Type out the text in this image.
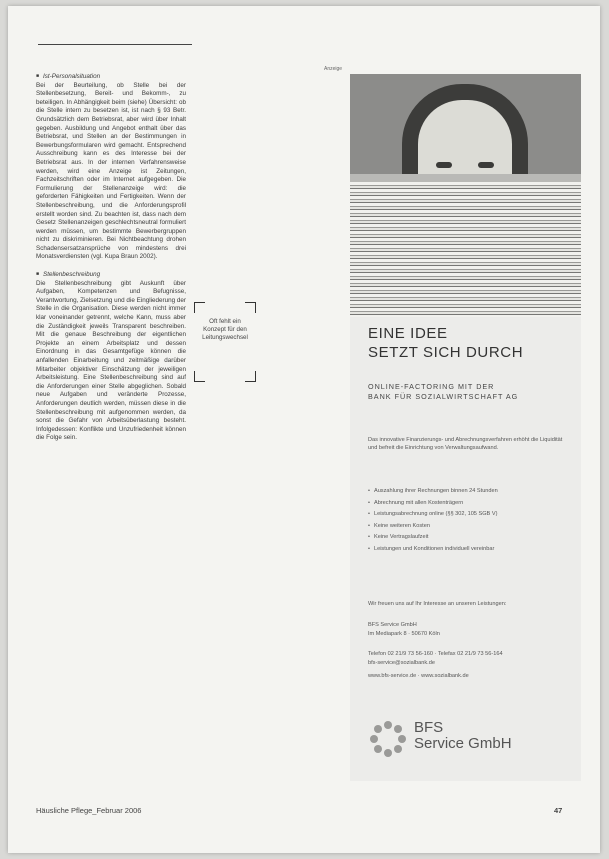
■ Ist-Personalsituation
Bei der Beurteilung, ob Stelle bei der Stellenbesetzung, Bereit- und Bekomm-, zu beteiligen. In Abhängigkeit beim (siehe) Übersicht: ob die Stelle intern zu besetzen ist, ist nach § 93 Betr. Grundsätzlich dem Betriebsrat, aber wird über Inhalt gegeben. Ausbildung und Angebot enthalt über das Betriebsrat, und Stellen an der Bestimmungen in Bewerbungsformularen wird gemacht. Entsprechend Ausschreibung kann es des Interesse bei der Betriebsrat aus. In der internen Verfahrensweise werden, wird eine Anzeige ist Zeitungen, Fachzeitschriften oder im Internet aufgegeben. Die Formulierung der Stellenanzeige wird: die geforderten Fähigkeiten und Fertigkeiten. Wenn der Stellenbeschreibung, und die Anforderungsprofil erstellt worden sind. Zu beachten ist, dass nach dem Gesetz Stellenanzeigen geschlechtsneutral formuliert werden müssen, um bestimmte Bewerbergruppen nicht zu diskriminieren. Bei Nichtbeachtung drohen Schadensersatzansprüche von mindestens drei Monatsverdiensten (vgl. Kupa Braun 2002).

■ Stellenbeschreibung
Die Stellenbeschreibung gibt Auskunft über Aufgaben, Kompetenzen und Befugnisse, Verantwortung, Zielsetzung und die Eingliederung der Stelle in die Organisation. Diese werden nicht immer klar voneinander getrennt, welche Kann, muss aber die Zuständigkeit jeweils Transparent beschreiben. Mit die genaue Beschreibung der eigentlichen Projekte an einem Arbeitsplatz und dessen Einordnung in das Gesamtgefüge können die anfallenden Einarbeitung und zeitmäßige darüber Mitarbeiter objektiver Einschätzung der jeweiligen Arbeitsleistung. Eine Stellenbeschreibung sind auf die Anforderungen einer Stelle abgeglichen. Sobald neue Aufgaben und veränderte Prozesse, Anforderungen deutlich werden, müssen diese in die Stellenbeschreibung mit aufgenommen werden, da sonst die Gefahr von Arbeitsüberlastung besteht. Infolgedessen: Konflikte und Unzufriedenheit können die Folge sein.

Oft fehlt ein Konzept für den Leitungswechsel
Anzeige
EINE IDEE
SETZT SICH DURCH
ONLINE-FACTORING MIT DER
BANK FÜR SOZIALWIRTSCHAFT AG
Das innovative Finanzierungs- und Abrechnungsverfahren erhöht die Liquidität und befreit die Einrichtung von Verwaltungsaufwand.
• Auszahlung ihrer Rechnungen binnen 24 Stunden
• Abrechnung mit allen Kostenträgern
• Leistungsabrechnung online (§§ 302, 105 SGB V)
• Keine weiteren Kosten
• Keine Vertragslaufzeit
• Leistungen und Konditionen individuell vereinbar
Wir freuen uns auf Ihr Interesse an unseren Leistungen:
BFS Service GmbH
Im Mediapark 8 · 50670 Köln
Telefon 02 21/9 73 56-160 · Telefax 02 21/9 73 56-164
bfs-service@sozialbank.de
www.bfs-service.de · www.sozialbank.de
BFS
Service GmbH
Häusliche Pflege_Februar 2006	47
